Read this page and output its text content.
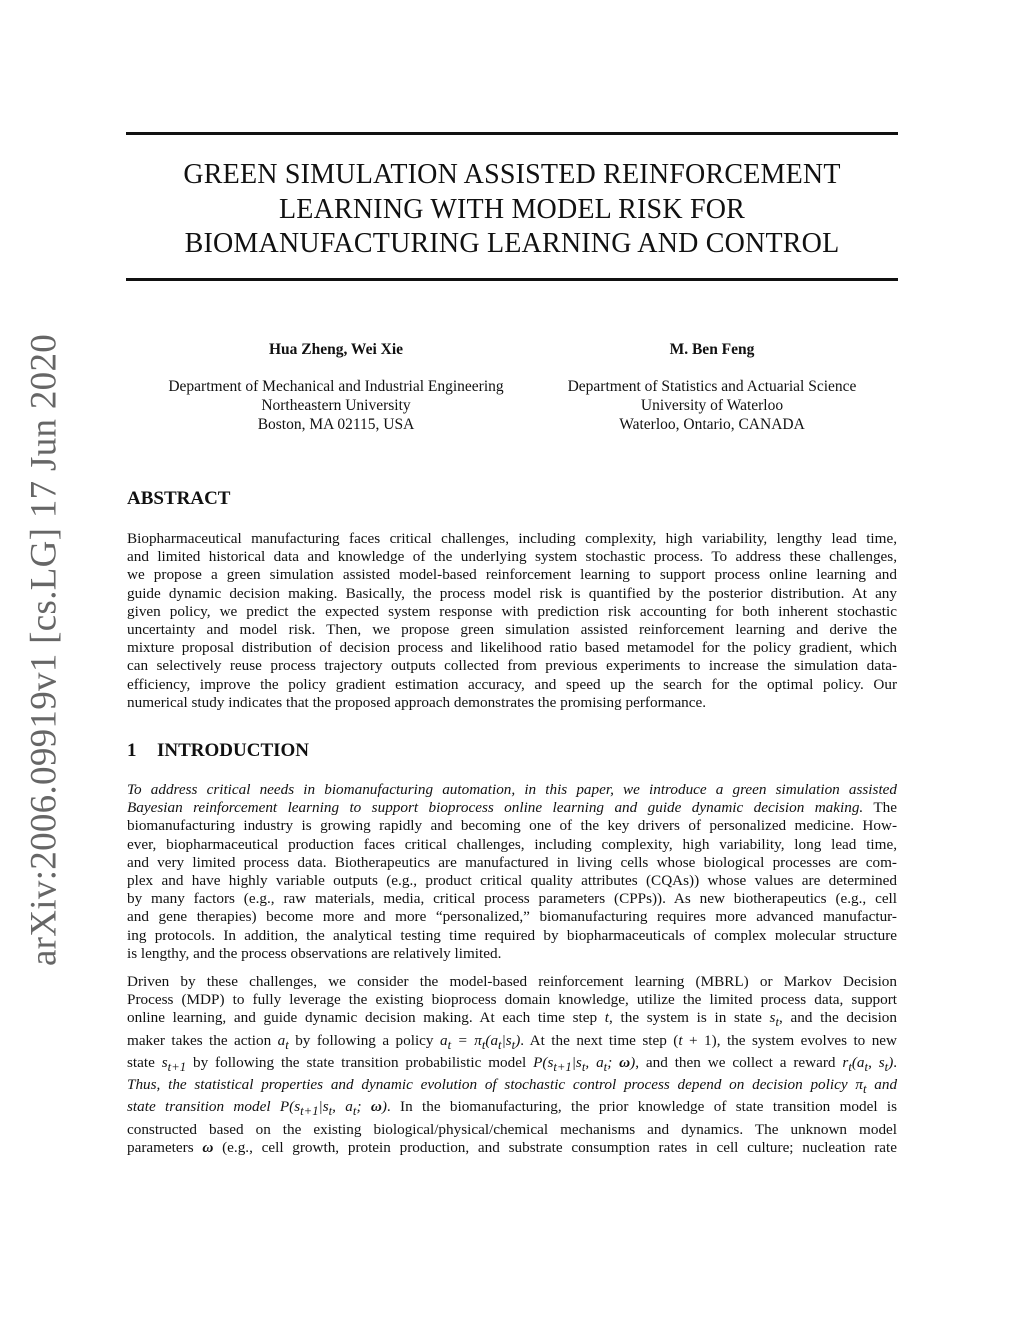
GREEN SIMULATION ASSISTED REINFORCEMENT
LEARNING WITH MODEL RISK FOR
BIOMANUFACTURING LEARNING AND CONTROL
arXiv:2006.09919v1 [cs.LG] 17 Jun 2020	Hua Zheng, Wei Xie
Department of Mechanical and Industrial Engineering
Northeastern University
Boston, MA 02115, USA
M. Ben Feng
Department of Statistics and Actuarial Science
University of Waterloo
Waterloo, Ontario, CANADA
ABSTRACT
Biopharmaceutical manufacturing faces critical challenges, including complexity, high variability, lengthy lead time,
and limited historical data and knowledge of the underlying system stochastic process. To address these challenges,
we propose a green simulation assisted model-based reinforcement learning to support process online learning and
guide dynamic decision making. Basically, the process model risk is quantified by the posterior distribution. At any
given policy, we predict the expected system response with prediction risk accounting for both inherent stochastic
uncertainty and model risk. Then, we propose green simulation assisted reinforcement learning and derive the
mixture proposal distribution of decision process and likelihood ratio based metamodel for the policy gradient, which
can selectively reuse process trajectory outputs collected from previous experiments to increase the simulation data-
efficiency, improve the policy gradient estimation accuracy, and speed up the search for the optimal policy. Our
numerical study indicates that the proposed approach demonstrates the promising performance.
1 INTRODUCTION
To address critical needs in biomanufacturing automation, in this paper, we introduce a green simulation assisted
Bayesian reinforcement learning to support bioprocess online learning and guide dynamic decision making. The
biomanufacturing industry is growing rapidly and becoming one of the key drivers of personalized medicine. How-
ever, biopharmaceutical production faces critical challenges, including complexity, high variability, long lead time,
and very limited process data. Biotherapeutics are manufactured in living cells whose biological processes are com-
plex and have highly variable outputs (e.g., product critical quality attributes (CQAs)) whose values are determined
by many factors (e.g., raw materials, media, critical process parameters (CPPs)). As new biotherapeutics (e.g., cell
and gene therapies) become more and more “personalized,” biomanufacturing requires more advanced manufactur-
ing protocols. In addition, the analytical testing time required by biopharmaceuticals of complex molecular structure
is lengthy, and the process observations are relatively limited.
Driven by these challenges, we consider the model-based reinforcement learning (MBRL) or Markov Decision
Process (MDP) to fully leverage the existing bioprocess domain knowledge, utilize the limited process data, support
online learning, and guide dynamic decision making. At each time step t, the system is in state $s_t$, and the decision
maker takes the action $a_t$ by following a policy $a_t = \pi_t(a_t|s_t)$. At the next time step (t + 1), the system evolves to new
state $s_{t+1}$ by following the state transition probabilistic model $P(s_{t+1}|s_t$, $a_t$; ω), and then we collect a reward $r_t(a_t$, $s_t$).
Thus, the statistical properties and dynamic evolution of stochastic control process depend on decision policy $\pi_t$ and
state transition model $P(s_{t+1}|s_t$, $a_t$; ω). In the biomanufacturing, the prior knowledge of state transition model is
constructed based on the existing biological/physical/chemical mechanisms and dynamics. The unknown model
parameters ω (e.g., cell growth, protein production, and substrate consumption rates in cell culture; nucleation rate
